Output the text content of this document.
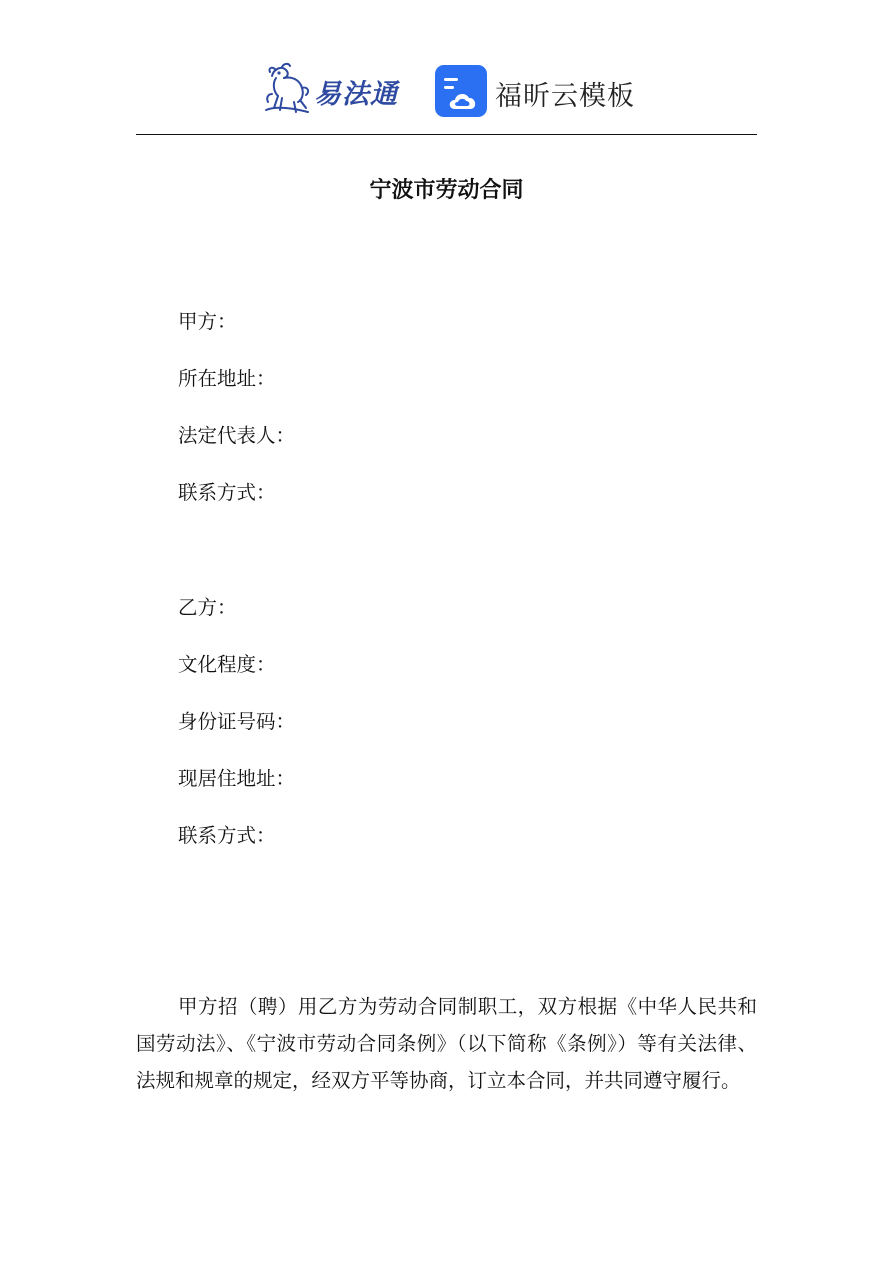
易法通	福昕云模板
宁波市劳动合同
甲方：
所在地址：
法定代表人：
联系方式：
乙方：
文化程度：
身份证号码：
现居住地址：
联系方式：

甲方招（聘）用乙方为劳动合同制职工，双方根据《中华人民共和国劳动法》、《宁波市劳动合同条例》（以下简称《条例》）等有关法律、法规和规章的规定，经双方平等协商，订立本合同，并共同遵守履行。
